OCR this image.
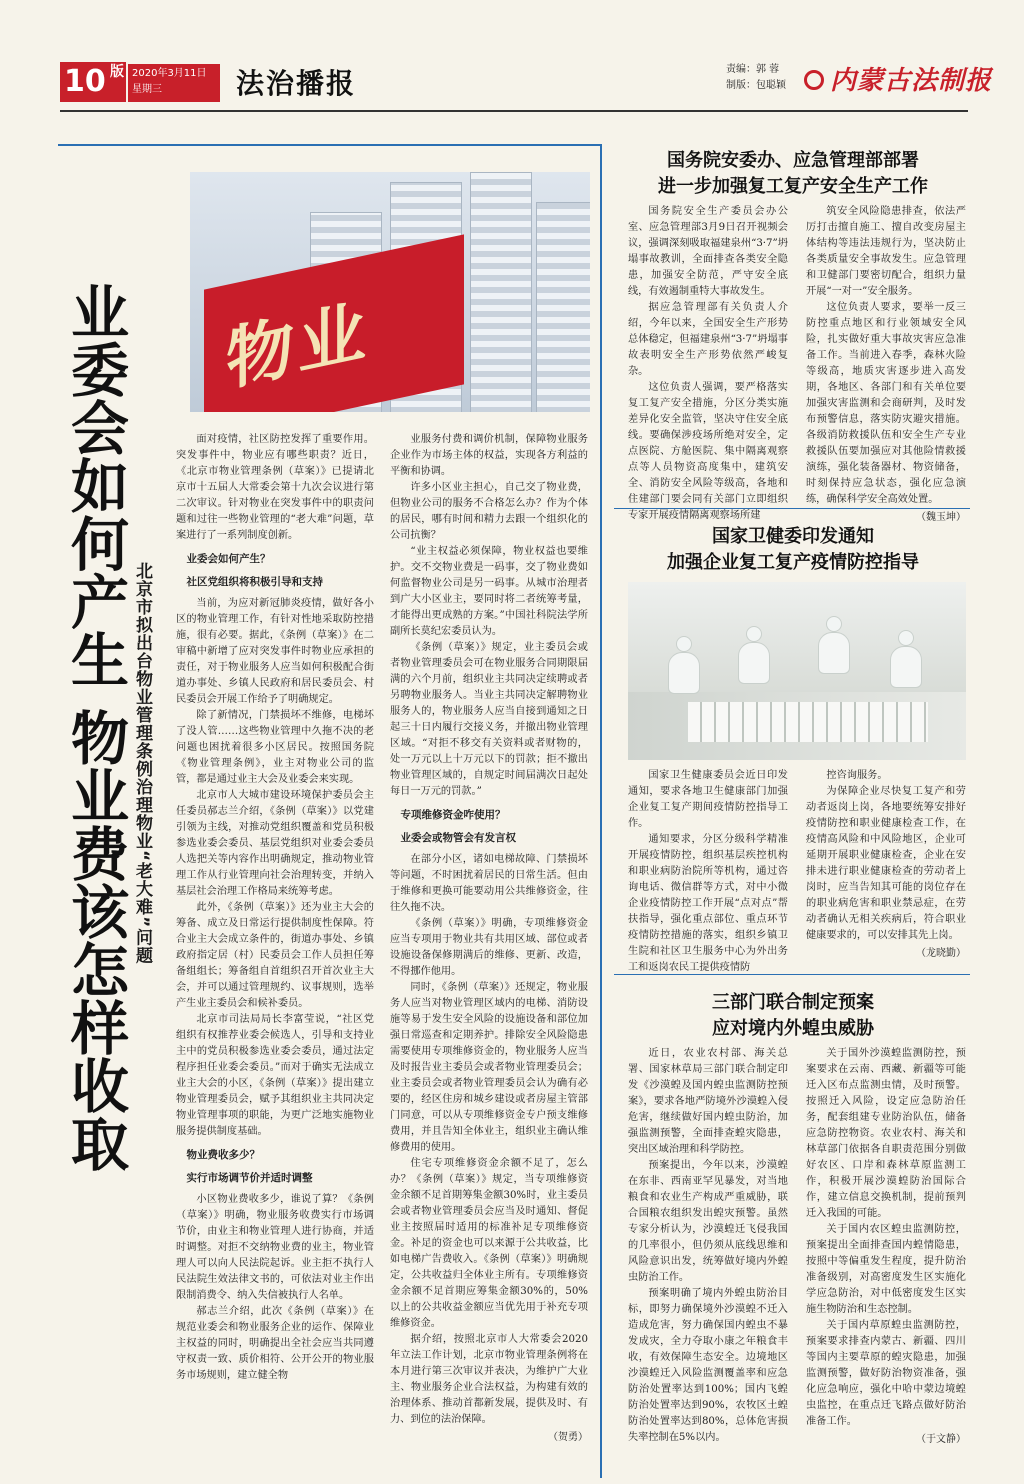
10 版 2020年3月11日
星期三	法治播报	责编：郭 蓉
制版：包聪颖 内蒙古法制报
业委会如何产生 物业费该怎样收取 北京市拟出台物业管理条例治理物业“老大难”问题
物业

面对疫情，社区防控发挥了重要作用。突发事件中，物业应有哪些职责？近日，《北京市物业管理条例（草案）》已提请北京市十五届人大常委会第十九次会议进行第二次审议。针对物业在突发事件中的职责问题和过往一些物业管理的“老大难”问题，草案进行了一系列制度创新。

业委会如何产生？
社区党组织将积极引导和支持

当前，为应对新冠肺炎疫情，做好各小区的物业管理工作，有针对性地采取防控措施，很有必要。据此，《条例（草案）》在二审稿中新增了应对突发事件时物业应承担的责任，对于物业服务人应当如何积极配合街道办事处、乡镇人民政府和居民委员会、村民委员会开展工作给予了明确规定。

除了新情况，门禁损坏不维修，电梯坏了没人管……这些物业管理中久拖不决的老问题也困扰着很多小区居民。按照国务院《物业管理条例》，业主对物业公司的监管，都是通过业主大会及业委会来实现。

北京市人大城市建设环境保护委员会主任委员郝志兰介绍，《条例（草案）》以党建引领为主线，对推动党组织覆盖和党员积极参选业委会委员、基层党组织对业委会委员人选把关等内容作出明确规定，推动物业管理工作从行业管理向社会治理转变，并纳入基层社会治理工作格局来统筹考虑。

此外，《条例（草案）》还为业主大会的筹备、成立及日常运行提供制度性保障。符合业主大会成立条件的，街道办事处、乡镇政府指定居（村）民委员会工作人员担任筹备组组长；筹备组自首组织召开首次业主大会，并可以通过管理规约、议事规则，选举产生业主委员会和候补委员。

北京市司法局局长李富莹说，“社区党组织有权推荐业委会候选人，引导和支持业主中的党员积极参选业委会委员，通过法定程序担任业委会委员。”而对于确实无法成立业主大会的小区，《条例（草案）》提出建立物业管理委员会，赋予其组织业主共同决定物业管理事项的职能，为更广泛地实施物业服务提供制度基础。

物业费收多少？
实行市场调节价并适时调整

小区物业费收多少，谁说了算？《条例（草案）》明确，物业服务收费实行市场调节价，由业主和物业管理人进行协商，并适时调整。对拒不交纳物业费的业主，物业管理人可以向人民法院起诉。业主拒不执行人民法院生效法律文书的，可依法对业主作出限制消费令、纳入失信被执行人名单。

郝志兰介绍，此次《条例（草案）》在规范业委会和物业服务企业的运作、保障业主权益的同时，明确提出全社会应当共同遵守权责一致、质价相符、公开公开的物业服务市场规则，建立健全物

业服务付费和调价机制，保障物业服务企业作为市场主体的权益，实现各方利益的平衡和协调。

许多小区业主担心，自己交了物业费，但物业公司的服务不合格怎么办？作为个体的居民，哪有时间和精力去跟一个组织化的公司抗衡？

“业主权益必须保障，物业权益也要维护。交不交物业费是一码事，交了物业费如何监督物业公司是另一码事。从城市治理者到广大小区业主，要同时将二者统筹考量，才能得出更成熟的方案。”中国社科院法学所副所长莫纪宏委员认为。

《条例（草案）》规定，业主委员会或者物业管理委员会可在物业服务合同期限届满的六个月前，组织业主共同决定续聘或者另聘物业服务人。当业主共同决定解聘物业服务人的，物业服务人应当自接到通知之日起三十日内履行交接义务，并撤出物业管理区域。“对拒不移交有关资料或者财物的，处一万元以上十万元以下的罚款；拒不撤出物业管理区域的，自规定时间届满次日起处每日一万元的罚款。”

专项维修资金咋使用？
业委会或物管会有发言权

在部分小区，诸如电梯故障、门禁损坏等问题，不时困扰着居民的日常生活。但由于维修和更换可能要动用公共维修资金，往往久拖不决。

《条例（草案）》明确，专项维修资金应当专项用于物业共有共用区域、部位或者设施设备保修期满后的维修、更新、改造，不得挪作他用。

同时，《条例（草案）》还规定，物业服务人应当对物业管理区域内的电梯、消防设施等易于发生安全风险的设施设备和部位加强日常巡查和定期养护。排除安全风险隐患需要使用专项维修资金的，物业服务人应当及时报告业主委员会或者物业管理委员会；业主委员会或者物业管理委员会认为确有必要的，经区住房和城乡建设或者房屋主管部门同意，可以从专项维修资金专户预支维修费用，并且告知全体业主，组织业主确认维修费用的使用。

住宅专项维修资金余额不足了，怎么办？《条例（草案）》规定，当专项维修资金余额不足首期筹集金额30%时，业主委员会或者物业管理委员会应当及时通知、督促业主按照届时适用的标准补足专项维修资金。补足的资金也可以来源于公共收益，比如电梯广告费收入。《条例（草案）》明确规定，公共收益归全体业主所有。专项维修资金余额不足首期应筹集金额30%的，50%以上的公共收益金额应当优先用于补充专项维修资金。

据介绍，按照北京市人大常委会2020年立法工作计划，北京市物业管理条例将在本月进行第三次审议并表决，为维护广大业主、物业服务企业合法权益，为构建有效的治理体系、推动首都新发展，提供及时、有力、到位的法治保障。

（贺勇）
国务院安委办、应急管理部部署
进一步加强复工复产安全生产工作

国务院安全生产委员会办公室、应急管理部3月9日召开视频会议，强调深刻吸取福建泉州“3·7”坍塌事故教训，全面排查各类安全隐患，加强安全防范，严守安全底线，有效遏制重特大事故发生。

据应急管理部有关负责人介绍，今年以来，全国安全生产形势总体稳定，但福建泉州“3·7”坍塌事故表明安全生产形势依然严峻复杂。

这位负责人强调，要严格落实复工复产安全措施，分区分类实施差异化安全监管，坚决守住安全底线。要确保涉疫场所绝对安全，定点医院、方舱医院、集中隔离观察点等人员物资高度集中，建筑安全、消防安全风险等级高，各地和住建部门要会同有关部门立即组织专家开展疫情隔离观察场所建

筑安全风险隐患排查，依法严厉打击擅自施工、擅自改变房屋主体结构等违法违规行为，坚决防止各类质量安全事故发生。应急管理和卫健部门要密切配合，组织力量开展“一对一”安全服务。

这位负责人要求，要举一反三防控重点地区和行业领域安全风险，扎实做好重大事故灾害应急准备工作。当前进入春季，森林火险等级高，地质灾害逐步进入高发期，各地区、各部门和有关单位要加强灾害监测和会商研判，及时发布预警信息，落实防灾避灾措施。各级消防救援队伍和安全生产专业救援队伍要加强应对其他险情救援演练，强化装备器材、物资储备，时刻保持应急状态，强化应急演练，确保科学安全高效处置。

（魏玉坤）
国家卫健委印发通知
加强企业复工复产疫情防控指导

国家卫生健康委员会近日印发通知，要求各地卫生健康部门加强企业复工复产期间疫情防控指导工作。

通知要求，分区分级科学精准开展疫情防控，组织基层疾控机构和职业病防治院所等机构，通过咨询电话、微信群等方式，对中小微企业疫情防控工作开展“点对点”帮扶指导，强化重点部位、重点环节疫情防控措施的落实，组织乡镇卫生院和社区卫生服务中心为外出务工和返岗农民工提供疫情防

控咨询服务。

为保障企业尽快复工复产和劳动者返岗上岗，各地要统筹安排好疫情防控和职业健康检查工作，在疫情高风险和中风险地区，企业可延期开展职业健康检查，企业在安排未进行职业健康检查的劳动者上岗时，应当告知其可能的岗位存在的职业病危害和职业禁忌症，在劳动者确认无相关疾病后，符合职业健康要求的，可以安排其先上岗。

（龙晓勤）
三部门联合制定预案
应对境内外蝗虫威胁

近日，农业农村部、海关总署、国家林草局三部门联合制定印发《沙漠蝗及国内蝗虫监测防控预案》，要求各地严防境外沙漠蝗入侵危害，继续做好国内蝗虫防治，加强监测预警，全面排查蝗灾隐患，突出区域治理和科学防控。

预案提出，今年以来，沙漠蝗在东非、西南亚罕见暴发，对当地粮食和农业生产构成严重威胁，联合国粮农组织发出蝗灾预警。虽然专家分析认为，沙漠蝗迁飞侵我国的几率很小，但仍须从底线思维和风险意识出发，统筹做好境内外蝗虫防治工作。

预案明确了境内外蝗虫防治目标，即努力确保境外沙漠蝗不迁入造成危害，努力确保国内蝗虫不暴发成灾，全力夺取小康之年粮食丰收，有效保障生态安全。边境地区沙漠蝗迁入风险监测覆盖率和应急防治处置率达到100%；国内飞蝗防治处置率达到90%，农牧区土蝗防治处置率达到80%，总体危害损失率控制在5%以内。

关于国外沙漠蝗监测防控，预案要求在云南、西藏、新疆等可能迁入区布点监测虫情，及时预警。按照迁入风险，设定应急防治任务，配套组建专业防治队伍，储备应急防控物资。农业农村、海关和林草部门依据各自职责范围分别做好农区、口岸和森林草原监测工作，积极开展沙漠蝗防治国际合作，建立信息交换机制，提前预判迁入我国的可能。

关于国内农区蝗虫监测防控，预案提出全面排查国内蝗情隐患，按照中等偏重发生程度，提升防治准备级别，对高密度发生区实施化学应急防治，对中低密度发生区实施生物防治和生态控制。

关于国内草原蝗虫监测防控，预案要求排查内蒙古、新疆、四川等国内主要草原的蝗灾隐患，加强监测预警，做好防治物资准备，强化应急响应，强化中哈中蒙边境蝗虫监控，在重点迁飞路点做好防治准备工作。

（于文静）
